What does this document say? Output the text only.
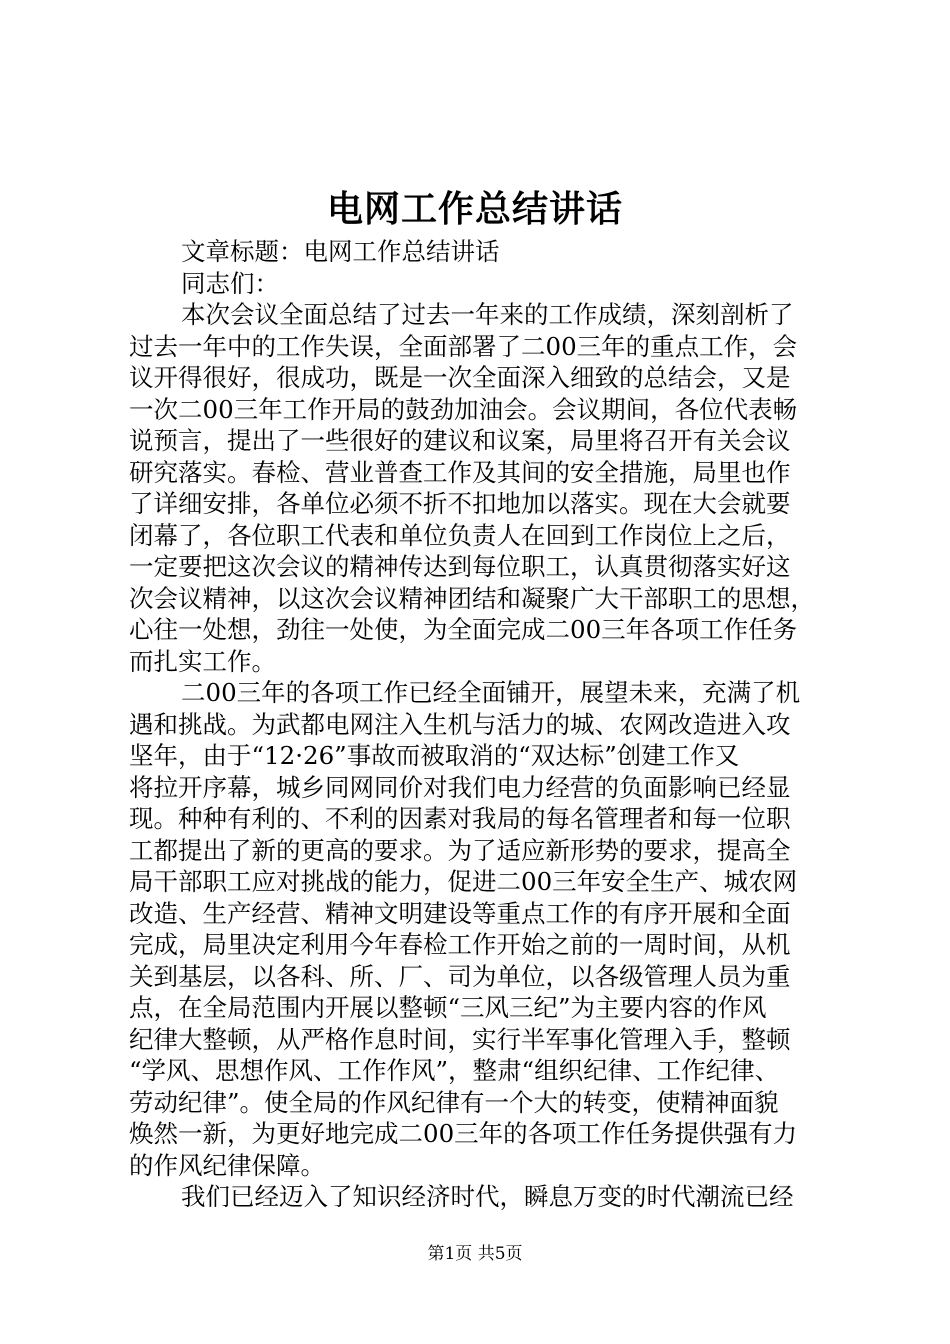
电网工作总结讲话
文章标题：电网工作总结讲话
同志们：
本次会议全面总结了过去一年来的工作成绩，深刻剖析了
过去一年中的工作失误，全面部署了二00三年的重点工作，会
议开得很好，很成功，既是一次全面深入细致的总结会，又是
一次二00三年工作开局的鼓劲加油会。会议期间，各位代表畅
说预言，提出了一些很好的建议和议案，局里将召开有关会议
研究落实。春检、营业普查工作及其间的安全措施，局里也作
了详细安排，各单位必须不折不扣地加以落实。现在大会就要
闭幕了，各位职工代表和单位负责人在回到工作岗位上之后，
一定要把这次会议的精神传达到每位职工，认真贯彻落实好这
次会议精神，以这次会议精神团结和凝聚广大干部职工的思想，
心往一处想，劲往一处使，为全面完成二00三年各项工作任务
而扎实工作。
二00三年的各项工作已经全面铺开，展望未来，充满了机
遇和挑战。为武都电网注入生机与活力的城、农网改造进入攻
坚年，由于“12·26”事故而被取消的“双达标”创建工作又
将拉开序幕，城乡同网同价对我们电力经营的负面影响已经显
现。种种有利的、不利的因素对我局的每名管理者和每一位职
工都提出了新的更高的要求。为了适应新形势的要求，提高全
局干部职工应对挑战的能力，促进二00三年安全生产、城农网
改造、生产经营、精神文明建设等重点工作的有序开展和全面
完成，局里决定利用今年春检工作开始之前的一周时间，从机
关到基层，以各科、所、厂、司为单位，以各级管理人员为重
点，在全局范围内开展以整顿“三风三纪”为主要内容的作风
纪律大整顿，从严格作息时间，实行半军事化管理入手，整顿
“学风、思想作风、工作作风”，整肃“组织纪律、工作纪律、
劳动纪律”。使全局的作风纪律有一个大的转变，使精神面貌
焕然一新，为更好地完成二00三年的各项工作任务提供强有力
的作风纪律保障。
我们已经迈入了知识经济时代，瞬息万变的时代潮流已经
第1页 共5页
